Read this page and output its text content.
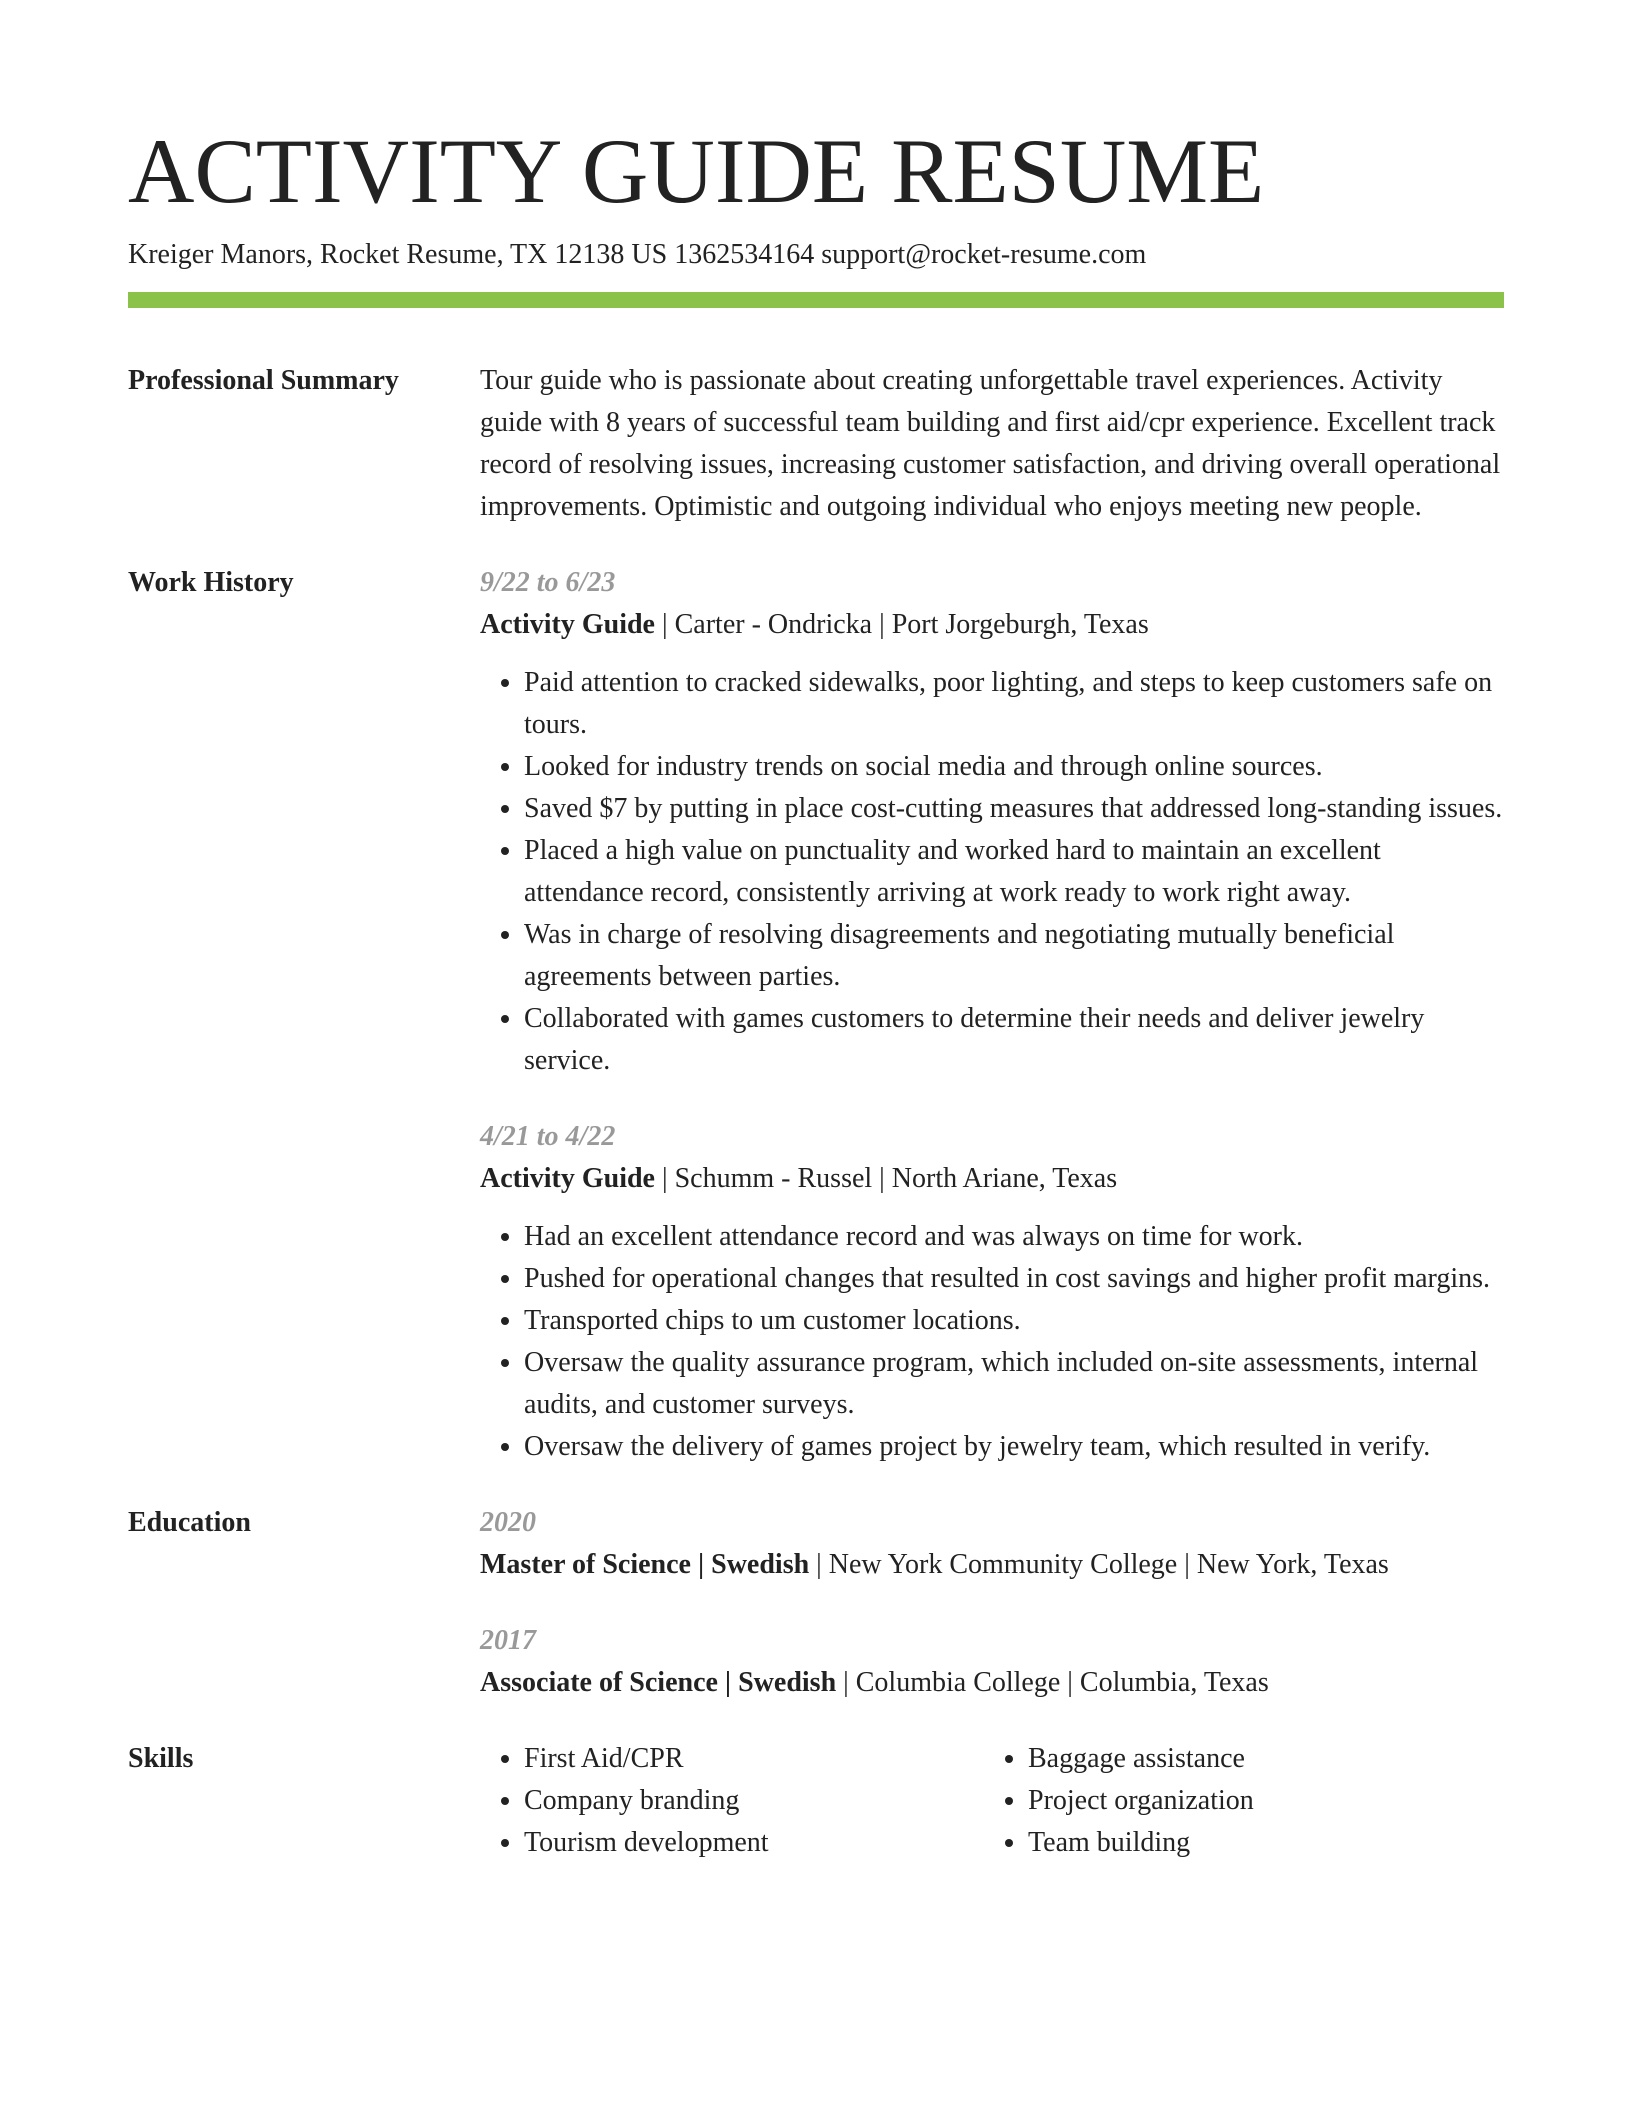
ACTIVITY GUIDE RESUME
Kreiger Manors, Rocket Resume, TX 12138 US 1362534164 support@rocket-resume.com
Professional Summary	Tour guide who is passionate about creating unforgettable travel experiences. Activity guide with 8 years of successful team building and first aid/cpr experience. Excellent track record of resolving issues, increasing customer satisfaction, and driving overall operational improvements. Optimistic and outgoing individual who enjoys meeting new people.

Work History	9/22 to 6/23
Activity Guide | Carter - Ondricka | Port Jorgeburgh, Texas
• Paid attention to cracked sidewalks, poor lighting, and steps to keep customers safe on tours.
• Looked for industry trends on social media and through online sources.
• Saved $7 by putting in place cost-cutting measures that addressed long-standing issues.
• Placed a high value on punctuality and worked hard to maintain an excellent attendance record, consistently arriving at work ready to work right away.
• Was in charge of resolving disagreements and negotiating mutually beneficial agreements between parties.
• Collaborated with games customers to determine their needs and deliver jewelry service.
4/21 to 4/22
Activity Guide | Schumm - Russel | North Ariane, Texas
• Had an excellent attendance record and was always on time for work.
• Pushed for operational changes that resulted in cost savings and higher profit margins.
• Transported chips to um customer locations.
• Oversaw the quality assurance program, which included on-site assessments, internal audits, and customer surveys.
• Oversaw the delivery of games project by jewelry team, which resulted in verify.
Education	2020
Master of Science | Swedish | New York Community College | New York, Texas
2017
Associate of Science | Swedish | Columbia College | Columbia, Texas
Skills	• First Aid/CPR
• Company branding
• Tourism development
• Baggage assistance
• Project organization
• Team building
